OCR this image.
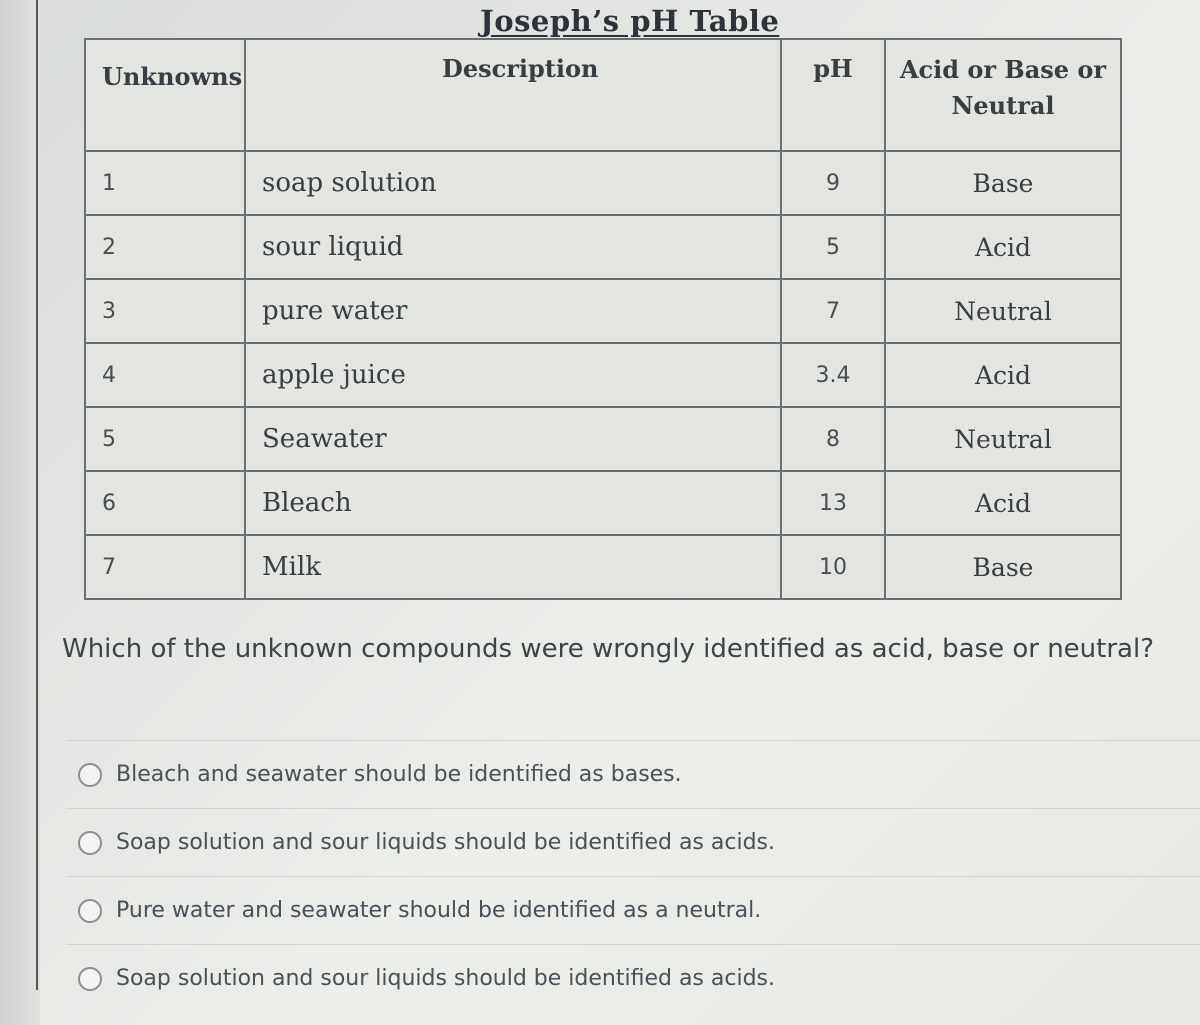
Joseph’s pH Table
Unknowns	Description	pH	Acid or Base or Neutral
1	soap solution	9	Base
2	sour liquid	5	Acid
3	pure water	7	Neutral
4	apple juice	3.4	Acid
5	Seawater	8	Neutral
6	Bleach	13	Acid
7	Milk	10	Base
Which of the unknown compounds were wrongly identified as acid, base or neutral?
Bleach and seawater should be identified as bases.
Soap solution and sour liquids should be identified as acids.
Pure water and seawater should be identified as a neutral.
Soap solution and sour liquids should be identified as acids.
